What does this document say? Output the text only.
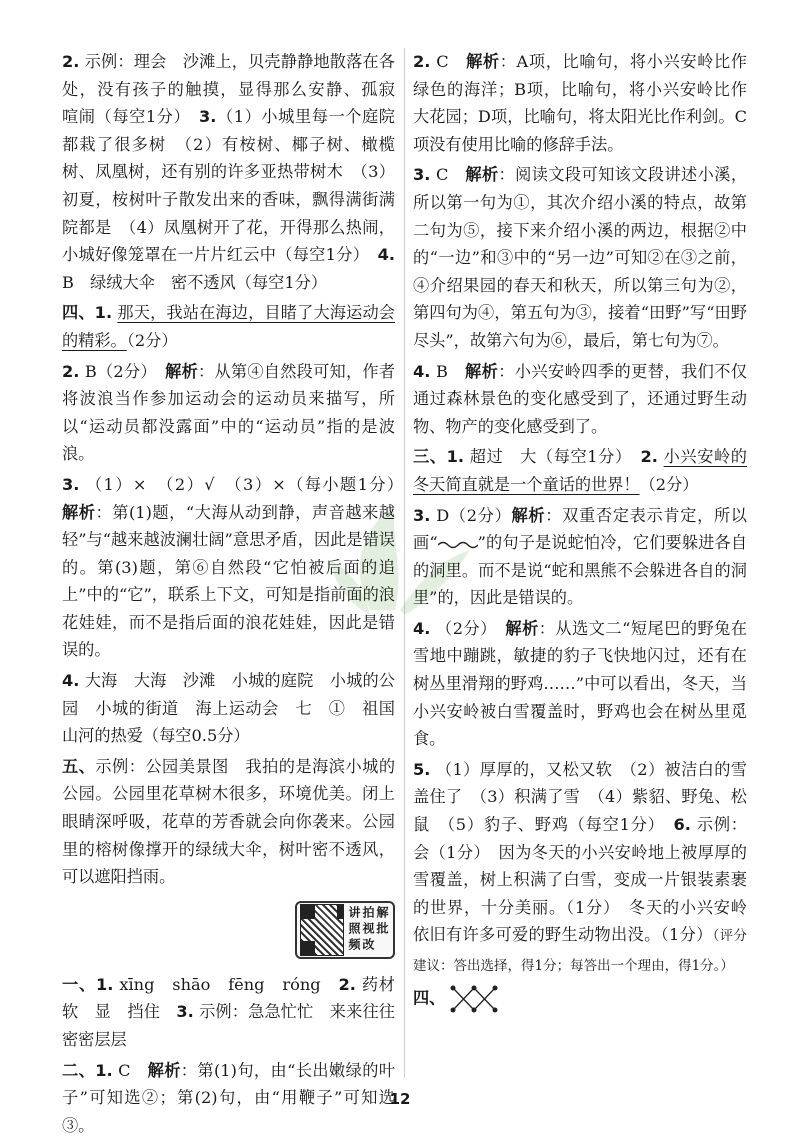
2. 示例：理会　沙滩上，贝壳静静地散落在各处，没有孩子的触摸，显得那么安静、孤寂　喧闹（每空1分）　 3.（1）小城里每一个庭院都栽了很多树　（2）有桉树、椰子树、橄榄树、凤凰树，还有别的许多亚热带树木　（3）初夏，桉树叶子散发出来的香味，飘得满街满院都是　（4）凤凰树开了花，开得那么热闹，小城好像笼罩在一片片红云中（每空1分）　 4. B　绿绒大伞　密不透风（每空1分）

四、1. 那天，我站在海边，目睹了大海运动会的精彩。（2分）

2. B（2分）　 解析：从第④自然段可知，作者将波浪当作参加运动会的运动员来描写，所以“运动员都没露面”中的“运动员”指的是波浪。

3. （1）×　（2）√　（3）×（每小题1分）　解析：第(1)题，“大海从动到静，声音越来越轻”与“越来越波澜壮阔”意思矛盾，因此是错误的。第(3)题，第⑥自然段“它怕被后面的追上”中的“它”，联系上下文，可知是指前面的浪花娃娃，而不是指后面的浪花娃娃，因此是错误的。

4. 大海　大海　沙滩　小城的庭院　小城的公园　小城的街道　海上运动会　七　①　祖国山河的热爱（每空0.5分）

五、示例：公园美景图　我拍的是海滨小城的公园。公园里花草树木很多，环境优美。闭上眼睛深呼吸，花草的芳香就会向你袭来。公园里的榕树像撑开的绿绒大伞，树叶密不透风，可以遮阳挡雨。

讲 拍 解
照 视 批
频 改

一、1. xīng　shāo　fēng　róng　2. 药材　软　显　挡住　3. 示例：急急忙忙　来来往往　密密层层

二、1. C　解析：第(1)句，由“长出嫩绿的叶子”可知选②；第(2)句，由“用鞭子”可知选③。

2. C　解析：A项，比喻句，将小兴安岭比作绿色的海洋；B项，比喻句，将小兴安岭比作大花园；D项，比喻句，将太阳光比作利剑。C项没有使用比喻的修辞手法。

3. C　解析：阅读文段可知该文段讲述小溪，所以第一句为①，其次介绍小溪的特点，故第二句为⑤，接下来介绍小溪的两边，根据②中的“一边”和③中的“另一边”可知②在③之前，④介绍果园的春天和秋天，所以第三句为②，第四句为④，第五句为③，接着“田野”写“田野尽头”，故第六句为⑥，最后，第七句为⑦。

4. B　解析：小兴安岭四季的更替，我们不仅通过森林景色的变化感受到了，还通过野生动物、物产的变化感受到了。

三、1. 超过　大（每空1分）　2. 小兴安岭的冬天简直就是一个童话的世界！（2分）

3. D（2分）解析：双重否定表示肯定，所以画“ ”的句子是说蛇怕冷，它们要躲进各自的洞里。而不是说“蛇和黑熊不会躲进各自的洞里”的，因此是错误的。

4. （2分）　 解析：从选文二“短尾巴的野兔在雪地中蹦跳，敏捷的豹子飞快地闪过，还有在树丛里滑翔的野鸡……”中可以看出，冬天，当小兴安岭被白雪覆盖时，野鸡也会在树丛里觅食。

5. （1）厚厚的，又松又软　（2）被洁白的雪盖住了　（3）积满了雪　（4）紫貂、野兔、松鼠　（5）豹子、野鸡（每空1分）　6. 示例：会（1分）　因为冬天的小兴安岭地上被厚厚的雪覆盖，树上积满了白雪，变成一片银装素裹的世界，十分美丽。（1分）　冬天的小兴安岭依旧有许多可爱的野生动物出没。（1分）（评分建议：答出选择，得1分；每答出一个理由，得1分。）

四、

12
